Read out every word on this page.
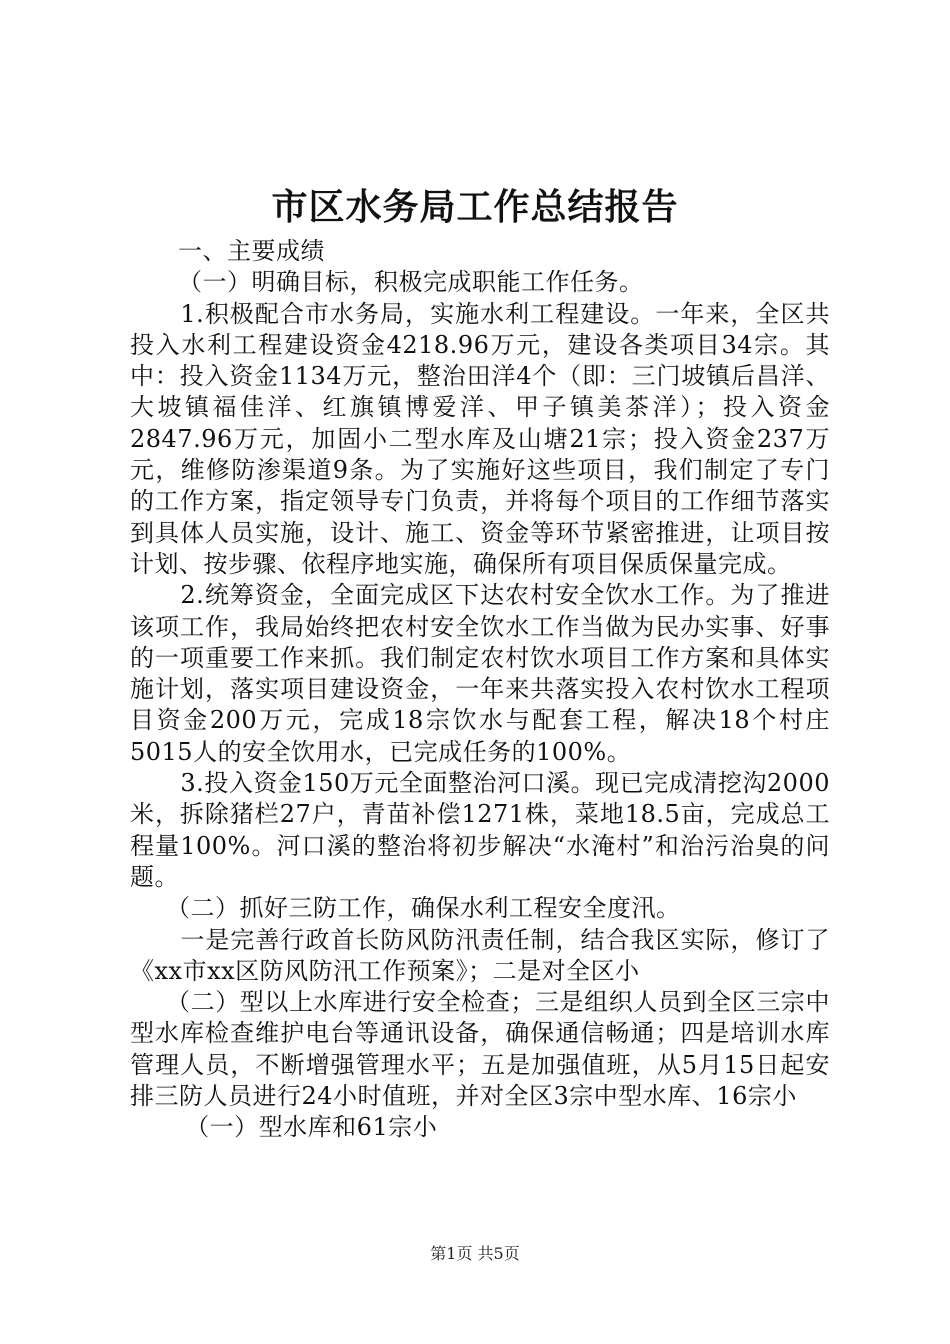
市区水务局工作总结报告

一、主要成绩

（一）明确目标，积极完成职能工作任务。

1.积极配合市水务局，实施水利工程建设。一年来，全区共投入水利工程建设资金4218.96万元，建设各类项目34宗。其中：投入资金1134万元，整治田洋4个（即：三门坡镇后昌洋、大坡镇福佳洋、红旗镇博爱洋、甲子镇美茶洋）；投入资金2847.96万元，加固小二型水库及山塘21宗；投入资金237万元，维修防渗渠道9条。为了实施好这些项目，我们制定了专门的工作方案，指定领导专门负责，并将每个项目的工作细节落实到具体人员实施，设计、施工、资金等环节紧密推进，让项目按计划、按步骤、依程序地实施，确保所有项目保质保量完成。

2.统筹资金，全面完成区下达农村安全饮水工作。为了推进该项工作，我局始终把农村安全饮水工作当做为民办实事、好事的一项重要工作来抓。我们制定农村饮水项目工作方案和具体实施计划，落实项目建设资金，一年来共落实投入农村饮水工程项目资金200万元，完成18宗饮水与配套工程，解决18个村庄5015人的安全饮用水，已完成任务的100%。

3.投入资金150万元全面整治河口溪。现已完成清挖沟2000米，拆除猪栏27户，青苗补偿1271株，菜地18.5亩，完成总工程量100%。河口溪的整治将初步解决“水淹村”和治污治臭的问题。

（二）抓好三防工作，确保水利工程安全度汛。

一是完善行政首长防风防汛责任制，结合我区实际，修订了《xx市xx区防风防汛工作预案》；二是对全区小

（二）型以上水库进行安全检查；三是组织人员到全区三宗中型水库检查维护电台等通讯设备，确保通信畅通；四是培训水库管理人员，不断增强管理水平；五是加强值班，从5月15日起安排三防人员进行24小时值班，并对全区3宗中型水库、16宗小

（一）型水库和61宗小

第1页 共5页
